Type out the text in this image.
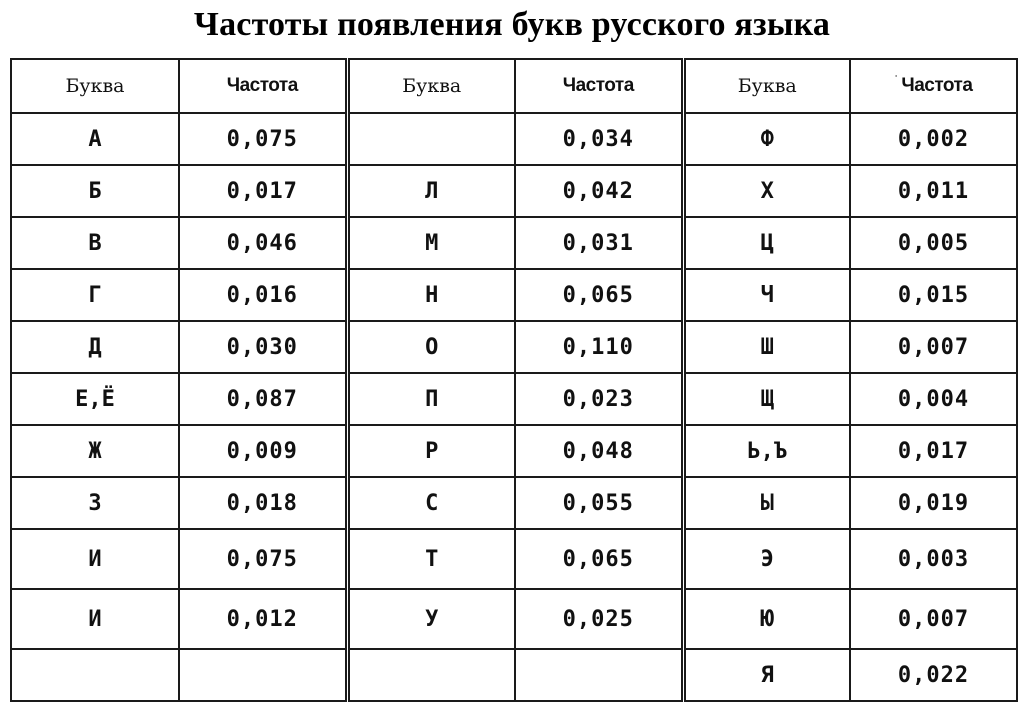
Частоты появления букв русского языка
Буква	Частота	Буква	Частота	Буква	˙ Частота
А	0,075		0,034	Ф	0,002
Б	0,017	Л	0,042	Х	0,011
В	0,046	М	0,031	Ц	0,005
Г	0,016	Н	0,065	Ч	0,015
Д	0,030	О	0,110	Ш	0,007
Е,Ё	0,087	П	0,023	Щ	0,004
Ж	0,009	Р	0,048	Ь,Ъ	0,017
З	0,018	С	0,055	Ы	0,019
И	0,075	Т	0,065	Э	0,003
И	0,012	У	0,025	Ю	0,007
				Я	0,022
